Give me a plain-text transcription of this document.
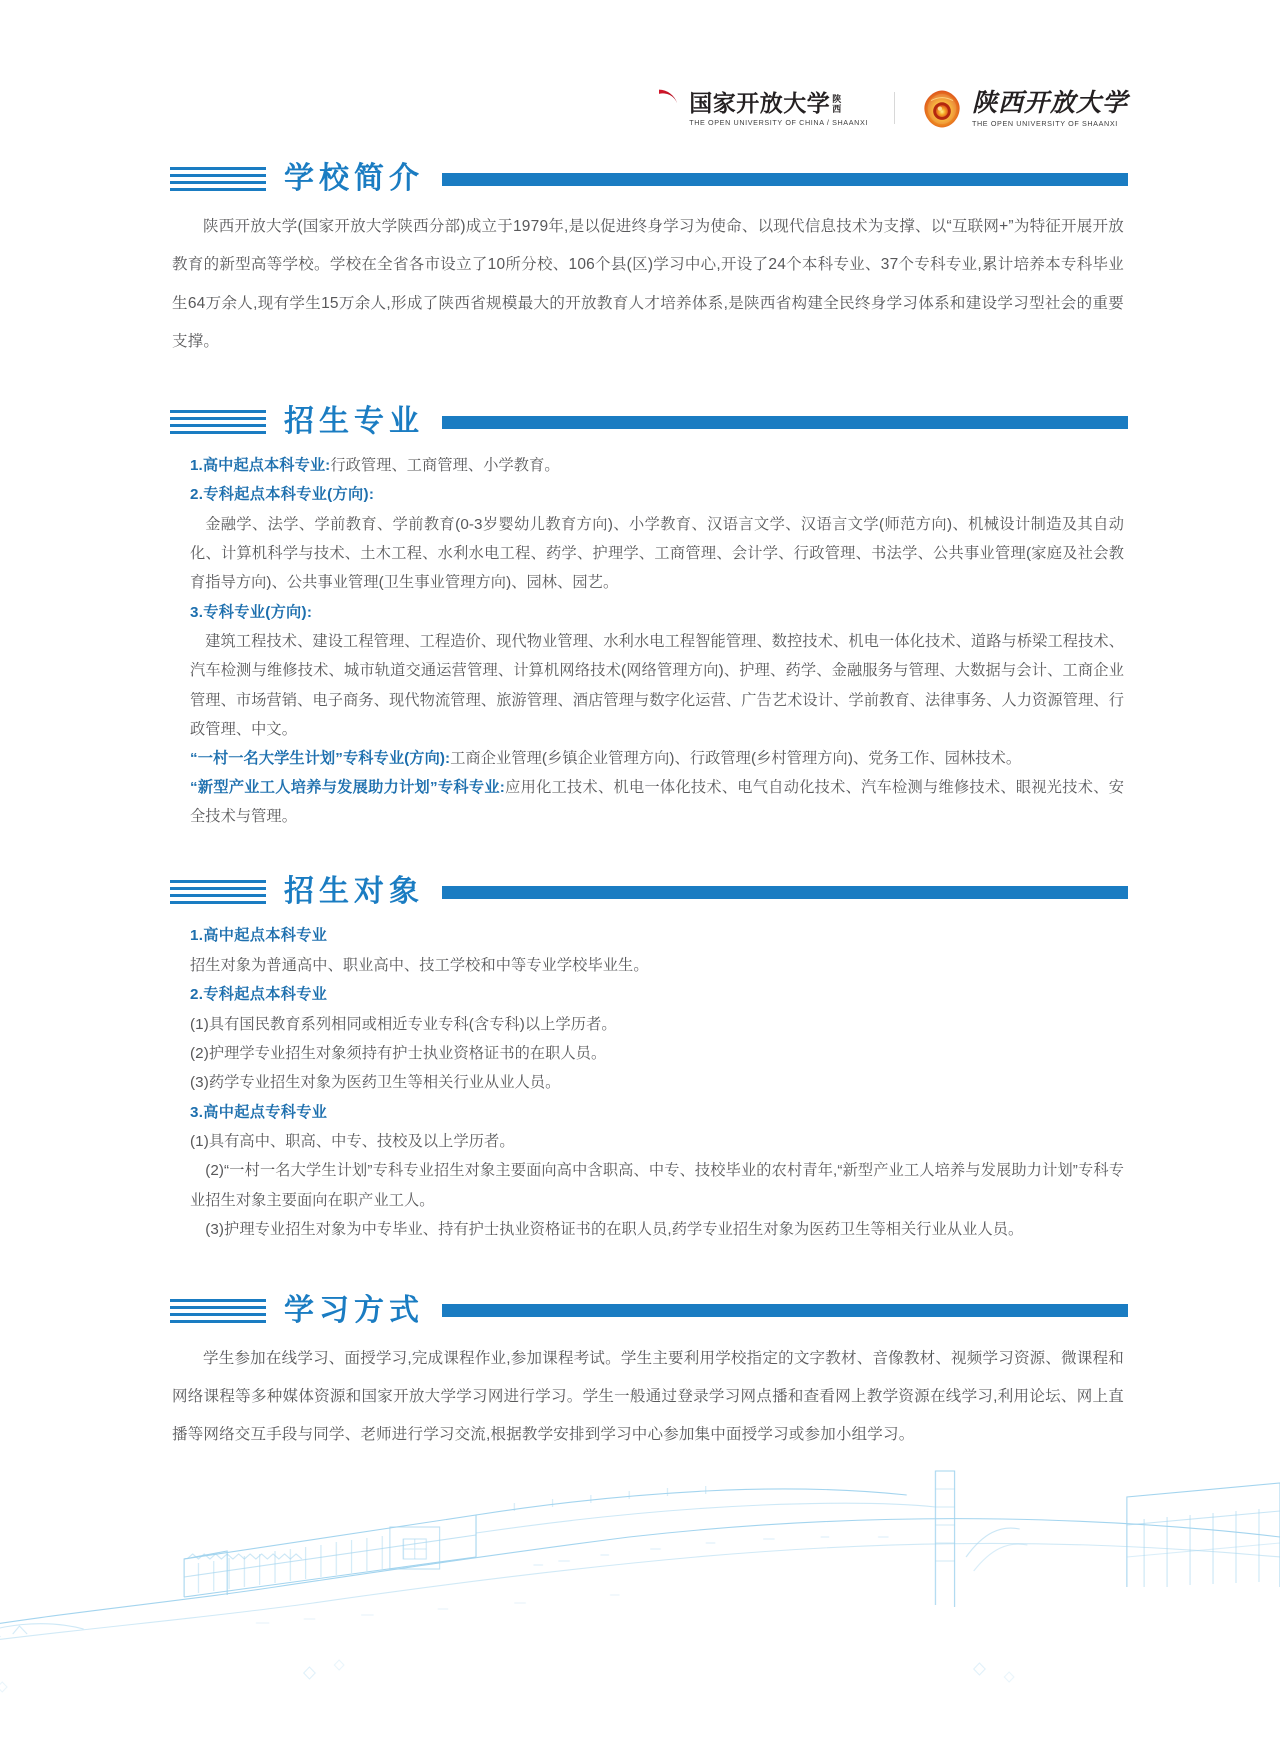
国家开放大学 陕
西
THE OPEN UNIVERSITY OF CHINA / SHAANXI
陕西开放大学
THE OPEN UNIVERSITY OF SHAANXI
学校简介

陕西开放大学(国家开放大学陕西分部)成立于1979年,是以促进终身学习为使命、以现代信息技术为支撑、以“互联网+”为特征开展开放教育的新型高等学校。学校在全省各市设立了10所分校、106个县(区)学习中心,开设了24个本科专业、37个专科专业,累计培养本专科毕业生64万余人,现有学生15万余人,形成了陕西省规模最大的开放教育人才培养体系,是陕西省构建全民终身学习体系和建设学习型社会的重要支撑。

招生专业

1.高中起点本科专业:行政管理、工商管理、小学教育。

2.专科起点本科专业(方向):

金融学、法学、学前教育、学前教育(0-3岁婴幼儿教育方向)、小学教育、汉语言文学、汉语言文学(师范方向)、机械设计制造及其自动化、计算机科学与技术、土木工程、水利水电工程、药学、护理学、工商管理、会计学、行政管理、书法学、公共事业管理(家庭及社会教育指导方向)、公共事业管理(卫生事业管理方向)、园林、园艺。

3.专科专业(方向):

建筑工程技术、建设工程管理、工程造价、现代物业管理、水利水电工程智能管理、数控技术、机电一体化技术、道路与桥梁工程技术、汽车检测与维修技术、城市轨道交通运营管理、计算机网络技术(网络管理方向)、护理、药学、金融服务与管理、大数据与会计、工商企业管理、市场营销、电子商务、现代物流管理、旅游管理、酒店管理与数字化运营、广告艺术设计、学前教育、法律事务、人力资源管理、行政管理、中文。

“一村一名大学生计划”专科专业(方向):工商企业管理(乡镇企业管理方向)、行政管理(乡村管理方向)、党务工作、园林技术。

“新型产业工人培养与发展助力计划”专科专业:应用化工技术、机电一体化技术、电气自动化技术、汽车检测与维修技术、眼视光技术、安全技术与管理。

招生对象

1.高中起点本科专业

招生对象为普通高中、职业高中、技工学校和中等专业学校毕业生。

2.专科起点本科专业

(1)具有国民教育系列相同或相近专业专科(含专科)以上学历者。

(2)护理学专业招生对象须持有护士执业资格证书的在职人员。

(3)药学专业招生对象为医药卫生等相关行业从业人员。

3.高中起点专科专业

(1)具有高中、职高、中专、技校及以上学历者。

(2)“一村一名大学生计划”专科专业招生对象主要面向高中含职高、中专、技校毕业的农村青年,“新型产业工人培养与发展助力计划”专科专业招生对象主要面向在职产业工人。

(3)护理专业招生对象为中专毕业、持有护士执业资格证书的在职人员,药学专业招生对象为医药卫生等相关行业从业人员。

学习方式

学生参加在线学习、面授学习,完成课程作业,参加课程考试。学生主要利用学校指定的文字教材、音像教材、视频学习资源、微课程和网络课程等多种媒体资源和国家开放大学学习网进行学习。学生一般通过登录学习网点播和查看网上教学资源在线学习,利用论坛、网上直播等网络交互手段与同学、老师进行学习交流,根据教学安排到学习中心参加集中面授学习或参加小组学习。
